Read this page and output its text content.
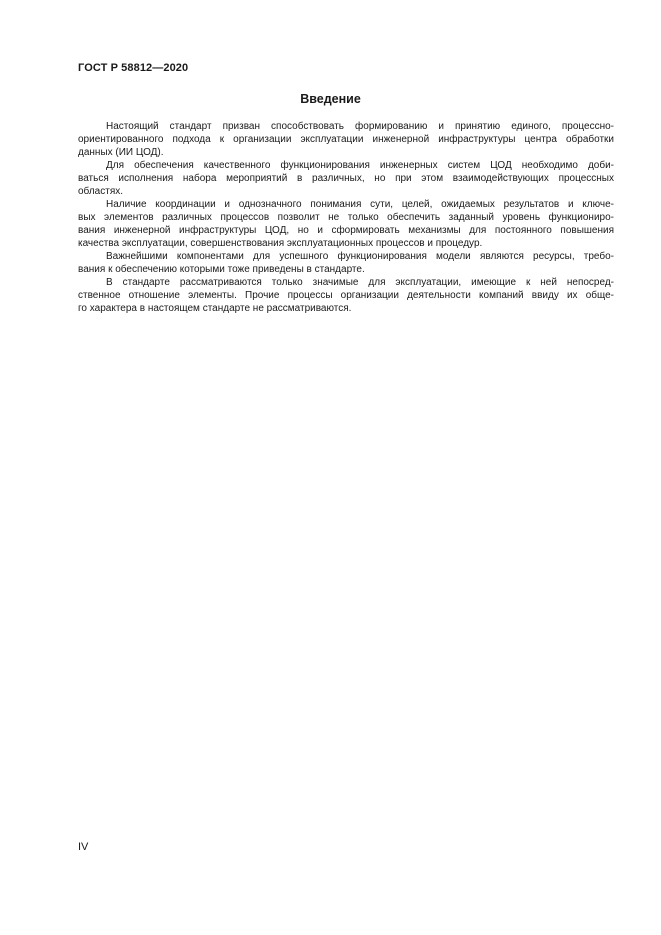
ГОСТ Р 58812—2020
Введение
Настоящий стандарт призван способствовать формированию и принятию единого, процессно-
ориентированного подхода к организации эксплуатации инженерной инфраструктуры центра обработки
данных (ИИ ЦОД).
Для обеспечения качественного функционирования инженерных систем ЦОД необходимо доби-
ваться исполнения набора мероприятий в различных, но при этом взаимодействующих процессных
областях.
Наличие координации и однозначного понимания сути, целей, ожидаемых результатов и ключе-
вых элементов различных процессов позволит не только обеспечить заданный уровень функциониро-
вания инженерной инфраструктуры ЦОД, но и сформировать механизмы для постоянного повышения
качества эксплуатации, совершенствования эксплуатационных процессов и процедур.
Важнейшими компонентами для успешного функционирования модели являются ресурсы, требо-
вания к обеспечению которыми тоже приведены в стандарте.
В стандарте рассматриваются только значимые для эксплуатации, имеющие к ней непосред-
ственное отношение элементы. Прочие процессы организации деятельности компаний ввиду их обще-
го характера в настоящем стандарте не рассматриваются.
IV
